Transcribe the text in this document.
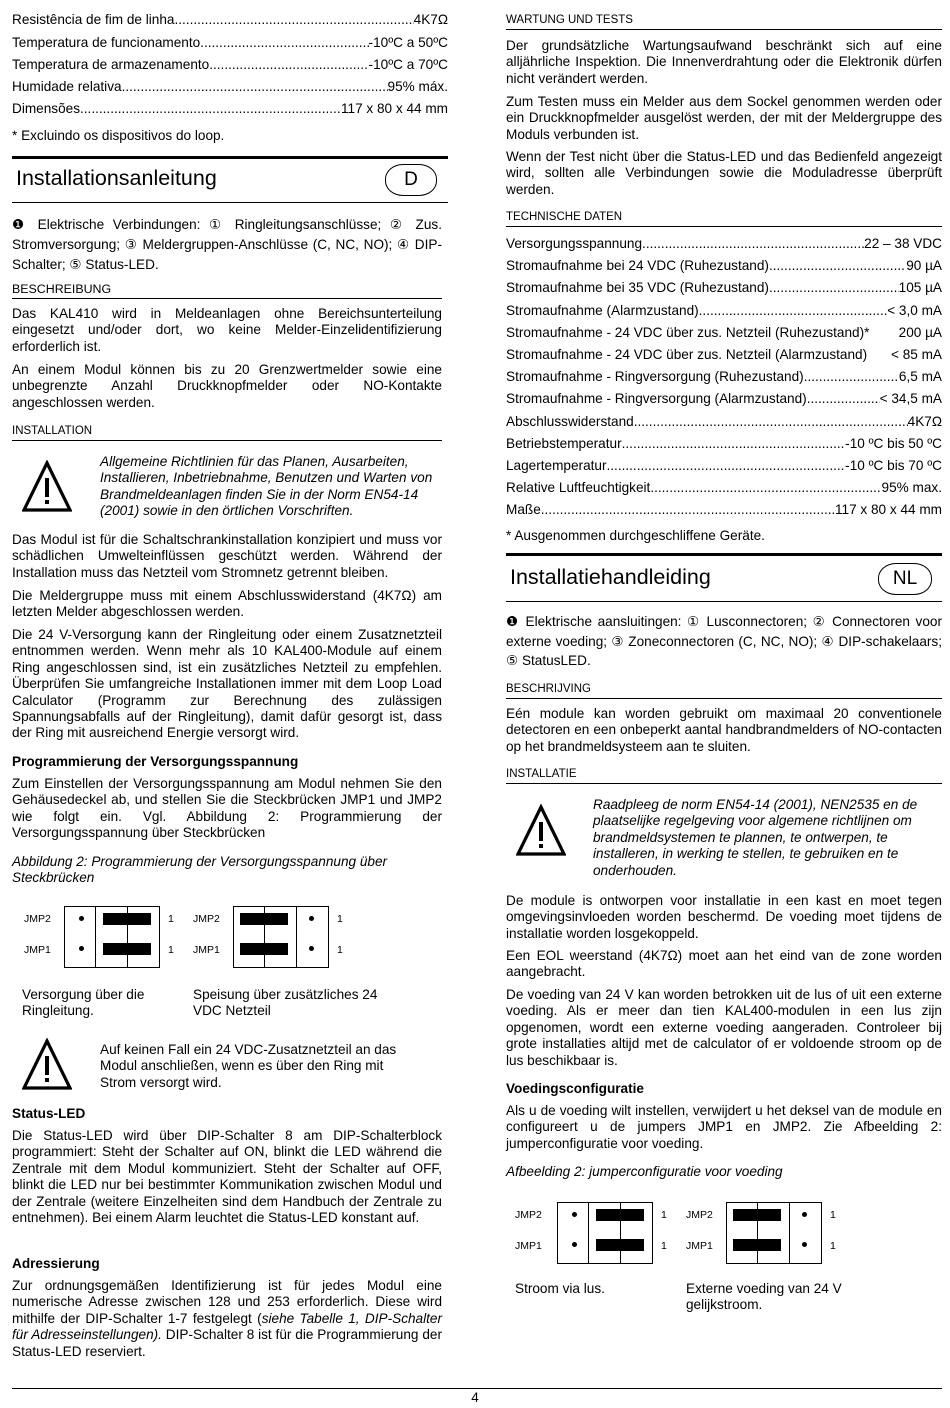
Resistência de fim de linha .....	4K7Ω
Temperatura de funcionamento .....	-10ºC a 50ºC
Temperatura de armazenamento .....	-10ºC a 70ºC
Humidade relativa .....	95% máx.
Dimensões .....	117 x 80 x 44 mm
* Excluindo os dispositivos do loop.
Installationsanleitung	D

❶ Elektrische Verbindungen: ① Ringleitungsanschlüsse; ② Zus. Stromversorgung; ③ Meldergruppen-Anschlüsse (C, NC, NO); ④ DIP-Schalter; ⑤ Status-LED.

BESCHREIBUNG

Das KAL410 wird in Meldeanlagen ohne Bereichsunterteilung eingesetzt und/oder dort, wo keine Melder-Einzelidentifizierung erforderlich ist.

An einem Modul können bis zu 20 Grenzwertmelder sowie eine unbegrenzte Anzahl Druckknopfmelder oder NO-Kontakte angeschlossen werden.

INSTALLATION

Allgemeine Richtlinien für das Planen, Ausarbeiten, Installieren, Inbetriebnahme, Benutzen und Warten von Brandmeldeanlagen finden Sie in der Norm EN54-14 (2001) sowie in den örtlichen Vorschriften.

Das Modul ist für die Schaltschrankinstallation konzipiert und muss vor schädlichen Umwelteinflüssen geschützt werden. Während der Installation muss das Netzteil vom Stromnetz getrennt bleiben.

Die Meldergruppe muss mit einem Abschlusswiderstand (4K7Ω) am letzten Melder abgeschlossen werden.

Die 24 V-Versorgung kann der Ringleitung oder einem Zusatznetzteil entnommen werden. Wenn mehr als 10 KAL400-Module auf einem Ring angeschlossen sind, ist ein zusätzliches Netzteil zu empfehlen. Überprüfen Sie umfangreiche Installationen immer mit dem Loop Load Calculator (Programm zur Berechnung des zulässigen Spannungsabfalls auf der Ringleitung), damit dafür gesorgt ist, dass der Ring mit ausreichend Energie versorgt wird.

Programmierung der Versorgungsspannung

Zum Einstellen der Versorgungsspannung am Modul nehmen Sie den Gehäusedeckel ab, und stellen Sie die Steckbrücken JMP1 und JMP2 wie folgt ein. Vgl. Abbildung 2: Programmierung der Versorgungsspannung über Steckbrücken

Abbildung 2: Programmierung der Versorgungsspannung über Steckbrücken

JMP2
JMP1
1
1
JMP2
JMP1
1
1

Versorgung über die Ringleitung.

Speisung über zusätzliches 24 VDC Netzteil

Auf keinen Fall ein 24 VDC-Zusatznetzteil an das Modul anschließen, wenn es über den Ring mit Strom versorgt wird.

Status-LED

Die Status-LED wird über DIP-Schalter 8 am DIP-Schalterblock programmiert: Steht der Schalter auf ON, blinkt die LED während die Zentrale mit dem Modul kommuniziert. Steht der Schalter auf OFF, blinkt die LED nur bei bestimmter Kommunikation zwischen Modul und der Zentrale (weitere Einzelheiten sind dem Handbuch der Zentrale zu entnehmen). Bei einem Alarm leuchtet die Status-LED konstant auf.

Adressierung

Zur ordnungsgemäßen Identifizierung ist für jedes Modul eine numerische Adresse zwischen 128 und 253 erforderlich. Diese wird mithilfe der DIP-Schalter 1-7 festgelegt (siehe Tabelle 1, DIP-Schalter für Adresseinstellungen). DIP-Schalter 8 ist für die Programmierung der Status-LED reserviert.

WARTUNG UND TESTS

Der grundsätzliche Wartungsaufwand beschränkt sich auf eine alljährliche Inspektion. Die Innenverdrahtung oder die Elektronik dürfen nicht verändert werden.

Zum Testen muss ein Melder aus dem Sockel genommen werden oder ein Druckknopfmelder ausgelöst werden, der mit der Meldergruppe des Moduls verbunden ist.

Wenn der Test nicht über die Status-LED und das Bedienfeld angezeigt wird, sollten alle Verbindungen sowie die Moduladresse überprüft werden.

TECHNISCHE DATEN
Versorgungsspannung .....	22 – 38 VDC
Stromaufnahme bei 24 VDC (Ruhezustand) .....	90 µA
Stromaufnahme bei 35 VDC (Ruhezustand) .....	105 µA
Stromaufnahme (Alarmzustand) .....	< 3,0 mA
Stromaufnahme - 24 VDC über zus. Netzteil (Ruhezustand)* 200 µA
Stromaufnahme - 24 VDC über zus. Netzteil (Alarmzustand) < 85 mA
Stromaufnahme - Ringversorgung (Ruhezustand) .....	6,5 mA
Stromaufnahme - Ringversorgung (Alarmzustand) .....	< 34,5 mA
Abschlusswiderstand .....	4K7Ω
Betriebstemperatur .....	-10 ºC bis 50 ºC
Lagertemperatur .....	-10 ºC bis 70 ºC
Relative Luftfeuchtigkeit .....	95% max.
Maße .....	117 x 80 x 44 mm
* Ausgenommen durchgeschliffene Geräte.
Installatiehandleiding	NL

❶ Elektrische aansluitingen: ① Lusconnectoren; ② Connectoren voor externe voeding; ③ Zoneconnectoren (C, NC, NO); ④ DIP-schakelaars; ⑤ StatusLED.

BESCHRIJVING

Eén module kan worden gebruikt om maximaal 20 conventionele detectoren en een onbeperkt aantal handbrandmelders of NO-contacten op het brandmeldsysteem aan te sluiten.

INSTALLATIE

Raadpleeg de norm EN54-14 (2001), NEN2535 en de plaatselijke regelgeving voor algemene richtlijnen om brandmeldsystemen te plannen, te ontwerpen, te installeren, in werking te stellen, te gebruiken en te onderhouden.

De module is ontworpen voor installatie in een kast en moet tegen omgevingsinvloeden worden beschermd. De voeding moet tijdens de installatie worden losgekoppeld.

Een EOL weerstand (4K7Ω) moet aan het eind van de zone worden aangebracht.

De voeding van 24 V kan worden betrokken uit de lus of uit een externe voeding. Als er meer dan tien KAL400-modulen in een lus zijn opgenomen, wordt een externe voeding aangeraden. Controleer bij grote installaties altijd met de calculator of er voldoende stroom op de lus beschikbaar is.

Voedingsconfiguratie

Als u de voeding wilt instellen, verwijdert u het deksel van de module en configureert u de jumpers JMP1 en JMP2. Zie Afbeelding 2: jumperconfiguratie voor voeding.

Afbeelding 2: jumperconfiguratie voor voeding

JMP2
JMP1
1
1
JMP2
JMP1
1
1

Stroom via lus.	Externe voeding van 24 V gelijkstroom.

4
